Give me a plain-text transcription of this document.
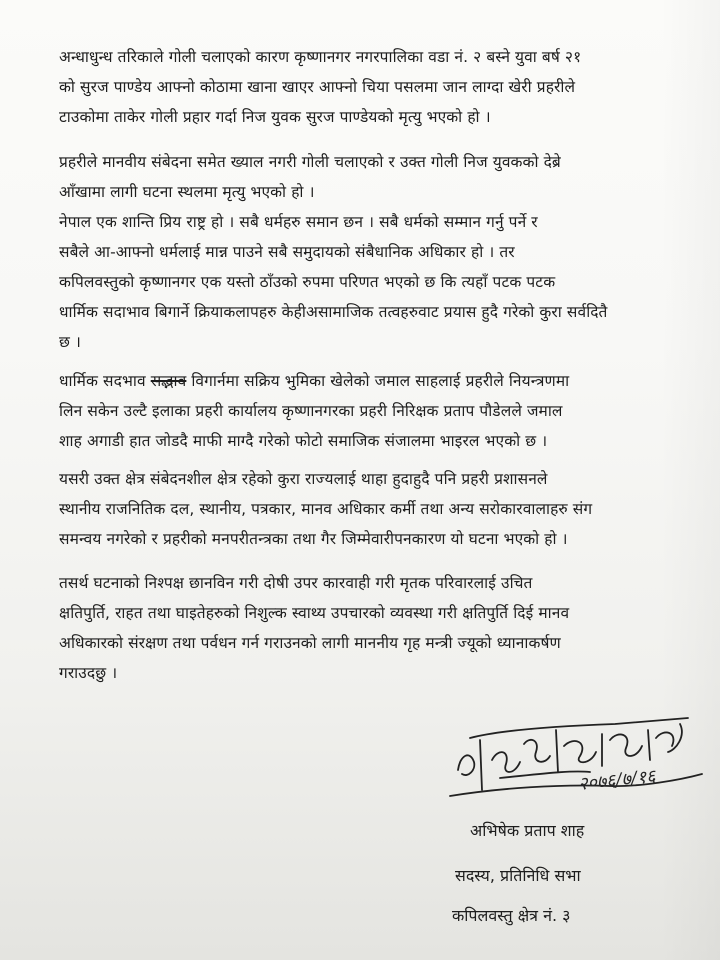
अन्धाधुन्ध तरिकाले गोली चलाएको कारण कृष्णानगर नगरपालिका वडा नं. २ बस्ने युवा बर्ष २१
को सुरज पाण्डेय आफ्नो कोठामा खाना खाएर आफ्नो चिया पसलमा जान लाग्दा खेरी प्रहरीले
टाउकोमा ताकेर गोली प्रहार गर्दा निज युवक सुरज पाण्डेयको मृत्यु भएको हो ।

प्रहरीले मानवीय संबेदना समेत ख्याल नगरी गोली चलाएको र उक्त गोली निज युवकको देब्रे
आँखामा लागी घटना स्थलमा मृत्यु भएको हो ।

नेपाल एक शान्ति प्रिय राष्ट्र हो । सबै धर्महरु समान छन । सबै धर्मको सम्मान गर्नु पर्ने र
सबैले आ-आफ्नो धर्मलाई मान्न पाउने सबै समुदायको संबैधानिक अधिकार हो । तर
कपिलवस्तुको कृष्णानगर एक यस्तो ठाँउको रुपमा परिणत भएको छ कि त्यहाँ पटक पटक
धार्मिक सदाभाव बिगार्ने क्रियाकलापहरु केहीअसामाजिक तत्वहरुवाट प्रयास हुदै गरेको कुरा सर्वदितै
छ ।

धार्मिक सदभाव सद्भाव विगार्नमा सक्रिय भुमिका खेलेको जमाल साहलाई प्रहरीले नियन्त्रणमा
लिन सकेन उल्टै इलाका प्रहरी कार्यालय कृष्णानगरका प्रहरी निरिक्षक प्रताप पौडेलले जमाल
शाह अगाडी हात जोडदै माफी माग्दै गरेको फोटो समाजिक संजालमा भाइरल भएको छ ।

यसरी उक्त क्षेत्र संबेदनशील क्षेत्र रहेको कुरा राज्यलाई थाहा हुदाहुदै पनि प्रहरी प्रशासनले
स्थानीय राजनितिक दल, स्थानीय, पत्रकार, मानव अधिकार कर्मी तथा अन्य सरोकारवालाहरु संग
समन्वय नगरेको र प्रहरीको मनपरीतन्त्रका तथा गैर जिम्मेवारीपनकारण यो घटना भएको हो ।

तसर्थ घटनाको निश्पक्ष छानविन गरी दोषी उपर कारवाही गरी मृतक परिवारलाई उचित
क्षतिपुर्ति, राहत तथा घाइतेहरुको निशुल्क स्वाथ्य उपचारको व्यवस्था गरी क्षतिपुर्ति दिई मानव
अधिकारको संरक्षण तथा पर्वधन गर्न गराउनको लागी माननीय गृह मन्त्री ज्यूको ध्यानाकर्षण
गराउदछु ।

२०७६/७/१६
अभिषेक प्रताप शाह
सदस्य, प्रतिनिधि सभा
कपिलवस्तु क्षेत्र नं. ३
